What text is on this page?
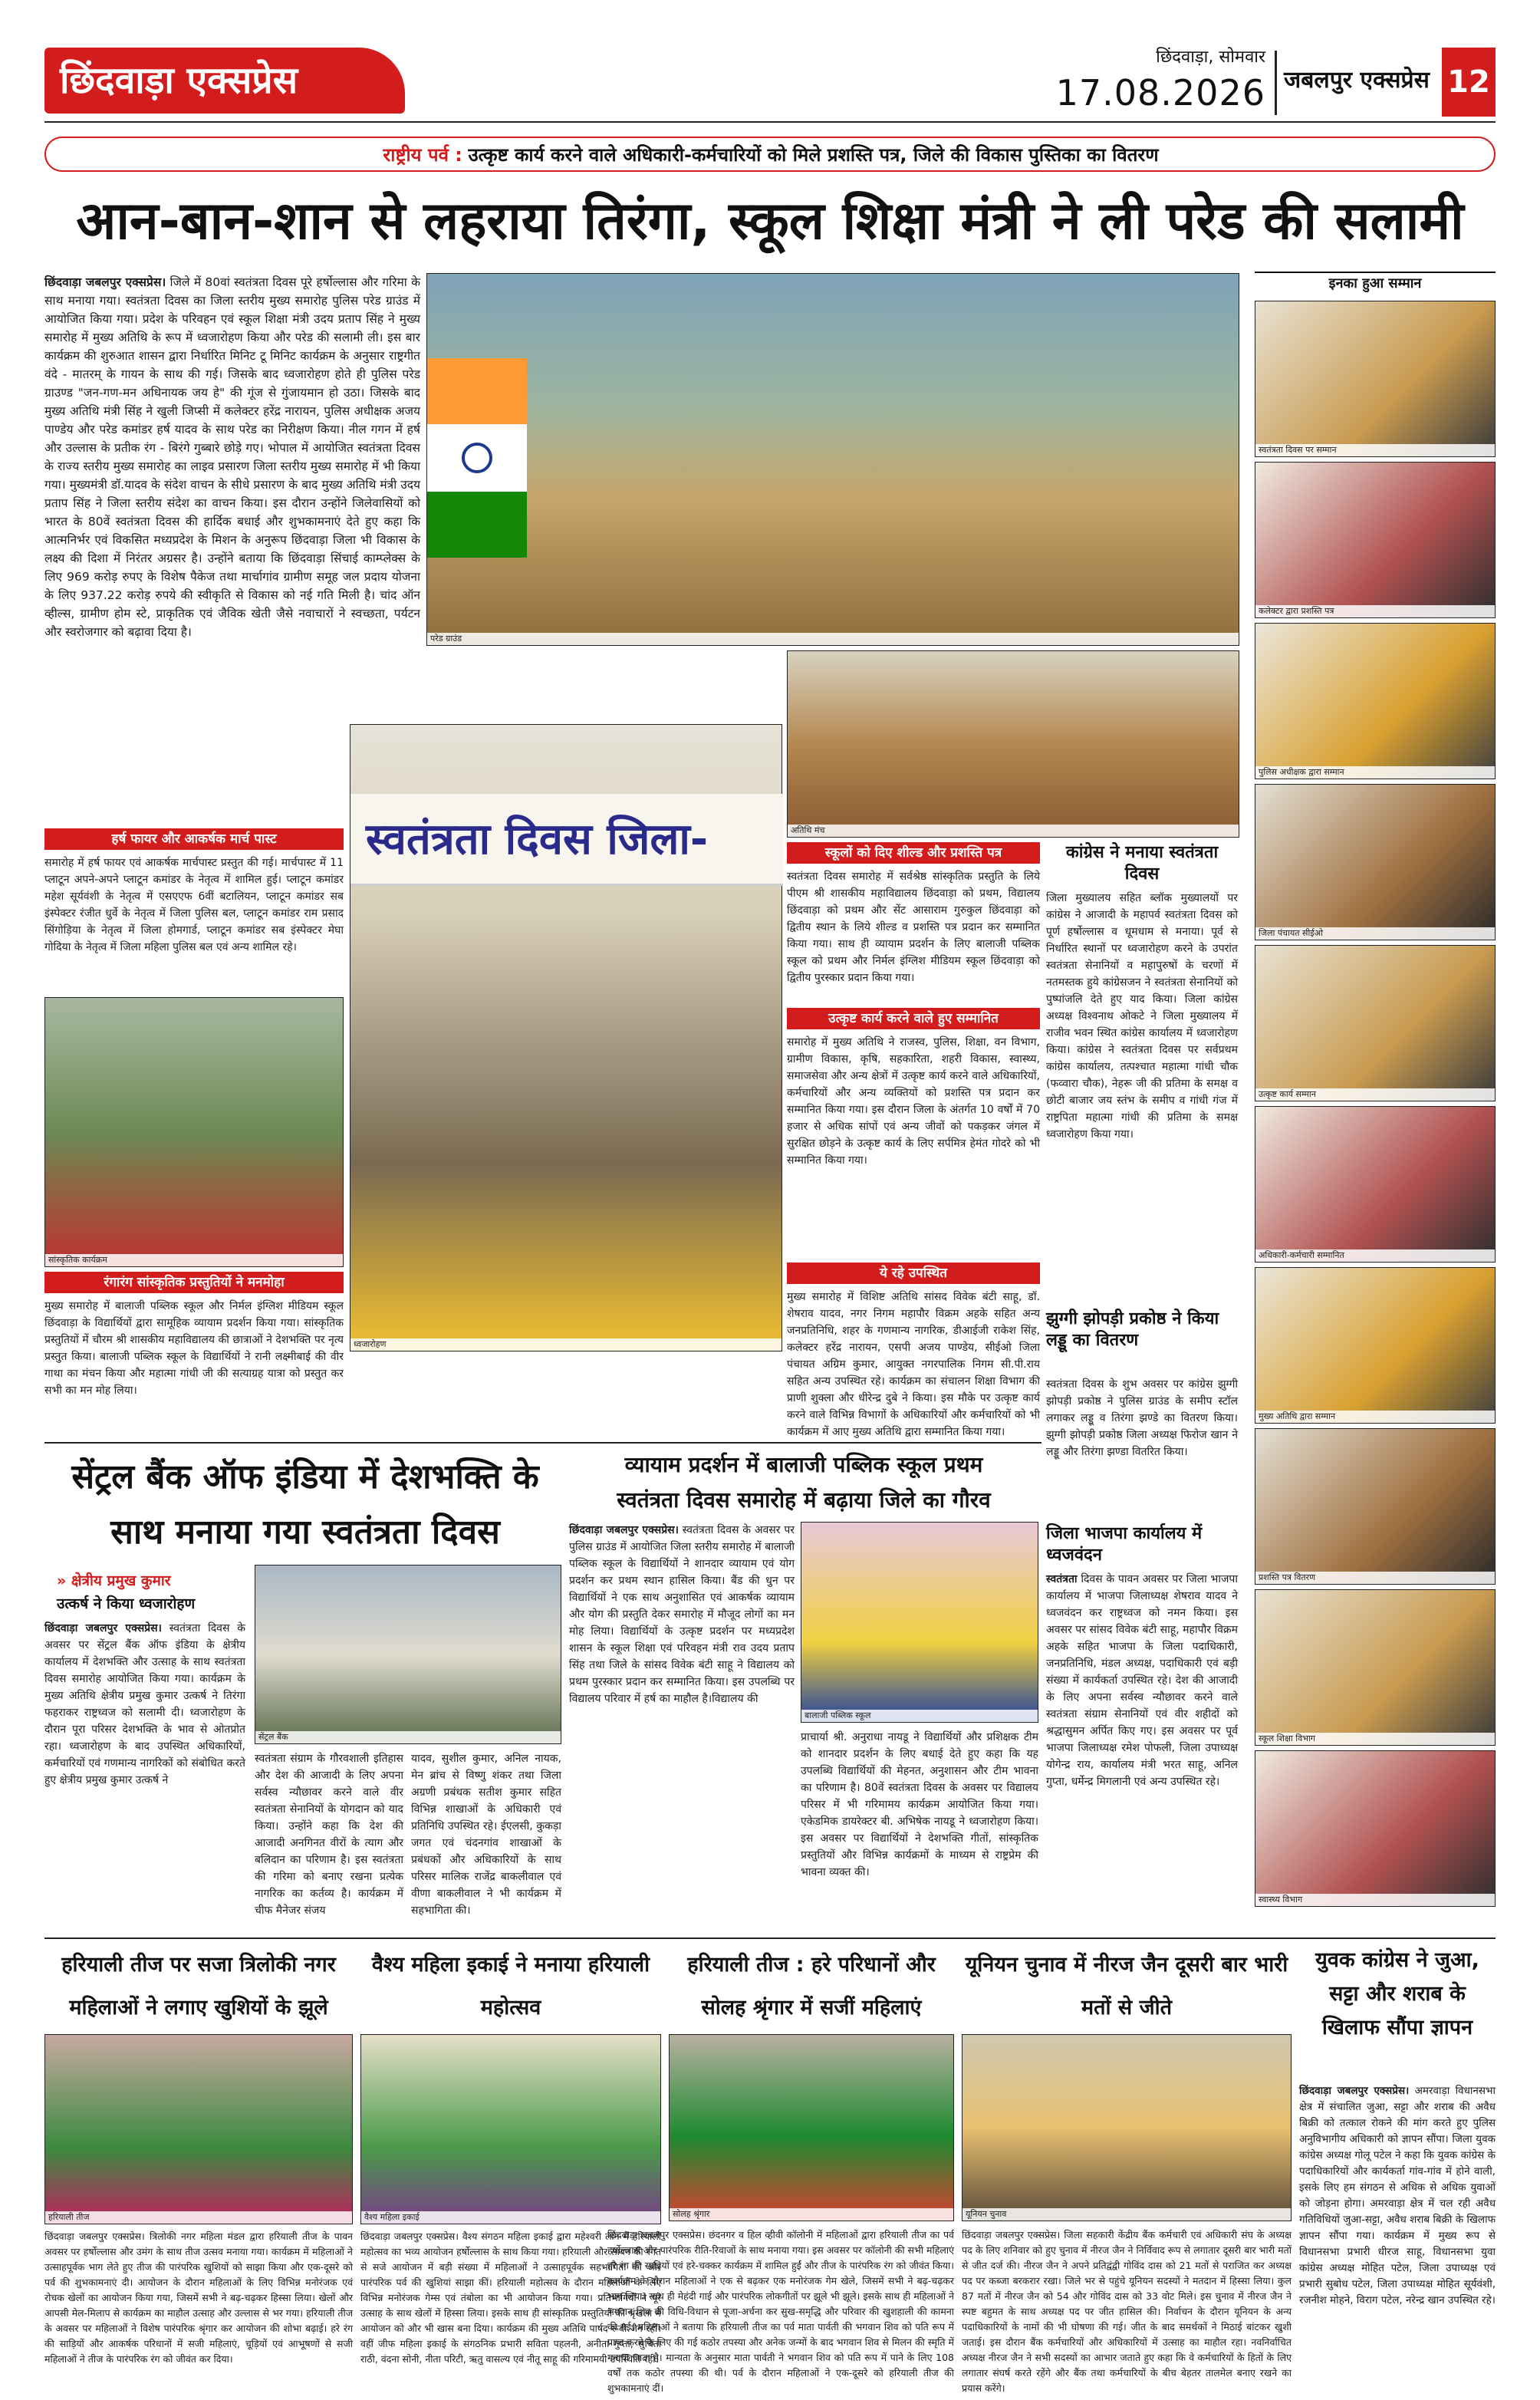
छिंदवाड़ा एक्सप्रेस
छिंदवाड़ा, सोमवार
17.08.2026 जबलपुर एक्सप्रेस 12
राष्ट्रीय पर्व : उत्कृष्ट कार्य करने वाले अधिकारी-कर्मचारियों को मिले प्रशस्ति पत्र, जिले की विकास पुस्तिका का वितरण
आन-बान-शान से लहराया तिरंगा, स्कूल शिक्षा मंत्री ने ली परेड की सलामी
छिंदवाड़ा जबलपुर एक्सप्रेस। जिले में 80वां स्वतंत्रता दिवस पूरे हर्षोल्लास और गरिमा के साथ मनाया गया। स्वतंत्रता दिवस का जिला स्तरीय मुख्य समारोह पुलिस परेड ग्राउंड में आयोजित किया गया। प्रदेश के परिवहन एवं स्कूल शिक्षा मंत्री उदय प्रताप सिंह ने मुख्य समारोह में मुख्य अतिथि के रूप में ध्वजारोहण किया और परेड की सलामी ली। इस बार कार्यक्रम की शुरुआत शासन द्वारा निर्धारित मिनिट टू मिनिट कार्यक्रम के अनुसार राष्ट्रगीत वंदे - मातरम् के गायन के साथ की गई। जिसके बाद ध्वजारोहण होते ही पुलिस परेड ग्राउण्ड "जन-गण-मन अधिनायक जय हे" की गूंज से गुंजायमान हो उठा। जिसके बाद मुख्य अतिथि मंत्री सिंह ने खुली जिप्सी में कलेक्टर हरेंद्र नारायन, पुलिस अधीक्षक अजय पाण्डेय और परेड कमांडर हर्ष यादव के साथ परेड का निरीक्षण किया। नील गगन में हर्ष और उल्लास के प्रतीक रंग - बिरंगे गुब्बारे छोड़े गए। भोपाल में आयोजित स्वतंत्रता दिवस के राज्य स्तरीय मुख्य समारोह का लाइव प्रसारण जिला स्तरीय मुख्य समारोह में भी किया गया। मुख्यमंत्री डॉ.यादव के संदेश वाचन के सीधे प्रसारण के बाद मुख्य अतिथि मंत्री उदय प्रताप सिंह ने जिला स्तरीय संदेश का वाचन किया। इस दौरान उन्होंने जिलेवासियों को भारत के 80वें स्वतंत्रता दिवस की हार्दिक बधाई और शुभकामनाएं देते हुए कहा कि आत्मनिर्भर एवं विकसित मध्यप्रदेश के मिशन के अनुरूप छिंदवाड़ा जिला भी विकास के लक्ष्य की दिशा में निरंतर अग्रसर है। उन्होंने बताया कि छिंदवाड़ा सिंचाई काम्प्लेक्स के लिए 969 करोड़ रुपए के विशेष पैकेज तथा मार्चागांव ग्रामीण समूह जल प्रदाय योजना के लिए 937.22 करोड़ रुपये की स्वीकृति से विकास को नई गति मिली है। चांद ऑन व्हील्स, ग्रामीण होम स्टे, प्राकृतिक एवं जैविक खेती जैसे नवाचारों ने स्वच्छता, पर्यटन और स्वरोजगार को बढ़ावा दिया है।	परेड ग्राउंड
अतिथि मंच
स्वतंत्रता दिवस जिला-
ध्वजारोहण
हर्ष फायर और आकर्षक मार्च पास्ट
समारोह में हर्ष फायर एवं आकर्षक मार्चपास्ट प्रस्तुत की गई। मार्चपास्ट में 11 प्लाटून अपने-अपने प्लाटून कमांडर के नेतृत्व में शामिल हुई। प्लाटून कमांडर महेश सूर्यवंशी के नेतृत्व में एसएएफ 6वीं बटालियन, प्लाटून कमांडर सब इंस्पेक्टर रंजीत धुर्वे के नेतृत्व में जिला पुलिस बल, प्लाटून कमांडर राम प्रसाद सिंगोड़िया के नेतृत्व में जिला होमगार्ड, प्लाटून कमांडर सब इंस्पेक्टर मेघा गोदिया के नेतृत्व में जिला महिला पुलिस बल एवं अन्य शामिल रहे।
सांस्कृतिक कार्यक्रम
रंगारंग सांस्कृतिक प्रस्तुतियों ने मनमोहा
मुख्य समारोह में बालाजी पब्लिक स्कूल और निर्मल इंग्लिश मीडियम स्कूल छिंदवाड़ा के विद्यार्थियों द्वारा सामूहिक व्यायाम प्रदर्शन किया गया। सांस्कृतिक प्रस्तुतियों में चौरम श्री शासकीय महाविद्यालय की छात्राओं ने देशभक्ति पर नृत्य प्रस्तुत किया। बालाजी पब्लिक स्कूल के विद्यार्थियों ने रानी लक्ष्मीबाई की वीर गाथा का मंचन किया और महात्मा गांधी जी की सत्याग्रह यात्रा को प्रस्तुत कर सभी का मन मोह लिया।
स्कूलों को दिए शील्ड और प्रशस्ति पत्र
स्वतंत्रता दिवस समारोह में सर्वश्रेष्ठ सांस्कृतिक प्रस्तुति के लिये पीएम श्री शासकीय महाविद्यालय छिंदवाड़ा को प्रथम, विद्यालय छिंदवाड़ा को प्रथम और सेंट आसाराम गुरुकुल छिंदवाड़ा को द्वितीय स्थान के लिये शील्ड व प्रशस्ति पत्र प्रदान कर सम्मानित किया गया। साथ ही व्यायाम प्रदर्शन के लिए बालाजी पब्लिक स्कूल को प्रथम और निर्मल इंग्लिश मीडियम स्कूल छिंदवाड़ा को द्वितीय पुरस्कार प्रदान किया गया।
उत्कृष्ट कार्य करने वाले हुए सम्मानित
समारोह में मुख्य अतिथि ने राजस्व, पुलिस, शिक्षा, वन विभाग, ग्रामीण विकास, कृषि, सहकारिता, शहरी विकास, स्वास्थ्य, समाजसेवा और अन्य क्षेत्रों में उत्कृष्ट कार्य करने वाले अधिकारियों, कर्मचारियों और अन्य व्यक्तियों को प्रशस्ति पत्र प्रदान कर सम्मानित किया गया। इस दौरान जिला के अंतर्गत 10 वर्षों में 70 हजार से अधिक सांपों एवं अन्य जीवों को पकड़कर जंगल में सुरक्षित छोड़ने के उत्कृष्ट कार्य के लिए सर्पमित्र हेमंत गोदरे को भी सम्मानित किया गया।
ये रहे उपस्थित
मुख्य समारोह में विशिष्ट अतिथि सांसद विवेक बंटी साहू, डॉ. शेषराव यादव, नगर निगम महापौर विक्रम अहके सहित अन्य जनप्रतिनिधि, शहर के गणमान्य नागरिक, डीआईजी राकेश सिंह, कलेक्टर हरेंद्र नारायन, एसपी अजय पाण्डेय, सीईओ जिला पंचायत अग्रिम कुमार, आयुक्त नगरपालिक निगम सी.पी.राय सहित अन्य उपस्थित रहे। कार्यक्रम का संचालन शिक्षा विभाग की प्राणी शुक्ला और धीरेन्द्र दुबे ने किया। इस मौके पर उत्कृष्ट कार्य करने वाले विभिन्न विभागों के अधिकारियों और कर्मचारियों को भी कार्यक्रम में आए मुख्य अतिथि द्वारा सम्मानित किया गया।
कांग्रेस ने मनाया स्वतंत्रता दिवस
जिला मुख्यालय सहित ब्लॉक मुख्यालयों पर कांग्रेस ने आजादी के महापर्व स्वतंत्रता दिवस को पूर्ण हर्षोल्लास व धूमधाम से मनाया। पूर्व से निर्धारित स्थानों पर ध्वजारोहण करने के उपरांत स्वतंत्रता सेनानियों व महापुरुषों के चरणों में नतमस्तक हुये कांग्रेसजन ने स्वतंत्रता सेनानियों को पुष्पांजलि देते हुए याद किया। जिला कांग्रेस अध्यक्ष विश्वनाथ ओकटे ने जिला मुख्यालय में राजीव भवन स्थित कांग्रेस कार्यालय में ध्वजारोहण किया। कांग्रेस ने स्वतंत्रता दिवस पर सर्वप्रथम कांग्रेस कार्यालय, तत्पश्चात महात्मा गांधी चौक (फव्वारा चौक), नेहरू जी की प्रतिमा के समक्ष व छोटी बाजार जय स्तंभ के समीप व गांधी गंज में राष्ट्रपिता महात्मा गांधी की प्रतिमा के समक्ष ध्वजारोहण किया गया।
झुग्गी झोपड़ी प्रकोष्ठ ने किया लड्डू का वितरण
स्वतंत्रता दिवस के शुभ अवसर पर कांग्रेस झुग्गी झोपड़ी प्रकोष्ठ ने पुलिस ग्राउंड के समीप स्टॉल लगाकर लड्डू व तिरंगा झण्डे का वितरण किया। झुग्गी झोपड़ी प्रकोष्ठ जिला अध्यक्ष फिरोज खान ने लड्डू और तिरंगा झण्डा वितरित किया।
जिला भाजपा कार्यालय में ध्वजवंदन
स्वतंत्रता दिवस के पावन अवसर पर जिला भाजपा कार्यालय में भाजपा जिलाध्यक्ष शेषराव यादव ने ध्वजवंदन कर राष्ट्रध्वज को नमन किया। इस अवसर पर सांसद विवेक बंटी साहू, महापौर विक्रम अहके सहित भाजपा के जिला पदाधिकारी, जनप्रतिनिधि, मंडल अध्यक्ष, पदाधिकारी एवं बड़ी संख्या में कार्यकर्ता उपस्थित रहे। देश की आजादी के लिए अपना सर्वस्व न्यौछावर करने वाले स्वतंत्रता संग्राम सेनानियों एवं वीर शहीदों को श्रद्धासुमन अर्पित किए गए। इस अवसर पर पूर्व भाजपा जिलाध्यक्ष रमेश पोफली, जिला उपाध्यक्ष योगेन्द्र राय, कार्यालय मंत्री भरत साहू, अनिल गुप्ता, धर्मेन्द्र मिगलानी एवं अन्य उपस्थित रहे।
इनका हुआ सम्मान
स्वतंत्रता दिवस पर सम्मान
कलेक्टर द्वारा प्रशस्ति पत्र
पुलिस अधीक्षक द्वारा सम्मान
जिला पंचायत सीईओ
उत्कृष्ट कार्य सम्मान
अधिकारी-कर्मचारी सम्मानित
मुख्य अतिथि द्वारा सम्मान
प्रशस्ति पत्र वितरण
स्कूल शिक्षा विभाग
स्वास्थ्य विभाग
सेंट्रल बैंक ऑफ इंडिया में देशभक्ति के साथ मनाया गया स्वतंत्रता दिवस
» क्षेत्रीय प्रमुख कुमार
उत्कर्ष ने किया ध्वजारोहण
सेंट्रल बैंक
छिंदवाड़ा जबलपुर एक्सप्रेस। स्वतंत्रता दिवस के अवसर पर सेंट्रल बैंक ऑफ इंडिया के क्षेत्रीय कार्यालय में देशभक्ति और उत्साह के साथ स्वतंत्रता दिवस समारोह आयोजित किया गया। कार्यक्रम के मुख्य अतिथि क्षेत्रीय प्रमुख कुमार उत्कर्ष ने तिरंगा फहराकर राष्ट्रध्वज को सलामी दी। ध्वजारोहण के दौरान पूरा परिसर देशभक्ति के भाव से ओतप्रोत रहा। ध्वजारोहण के बाद उपस्थित अधिकारियों, कर्मचारियों एवं गणमान्य नागरिकों को संबोधित करते हुए क्षेत्रीय प्रमुख कुमार उत्कर्ष ने
स्वतंत्रता संग्राम के गौरवशाली इतिहास और देश की आजादी के लिए अपना सर्वस्व न्यौछावर करने वाले वीर स्वतंत्रता सेनानियों के योगदान को याद किया। उन्होंने कहा कि देश की आजादी अनगिनत वीरों के त्याग और बलिदान का परिणाम है। इस स्वतंत्रता की गरिमा को बनाए रखना प्रत्येक नागरिक का कर्तव्य है। कार्यक्रम में चीफ मैनेजर संजय
यादव, सुशील कुमार, अनिल नायक, मेन ब्रांच से विष्णु शंकर तथा जिला अग्रणी प्रबंधक सतीश कुमार सहित विभिन्न शाखाओं के अधिकारी एवं प्रतिनिधि उपस्थित रहे। ईएलसी, कुकड़ा जगत एवं चंदनगांव शाखाओं के प्रबंधकों और अधिकारियों के साथ परिसर मालिक राजेंद्र बाकलीवाल एवं वीणा बाकलीवाल ने भी कार्यक्रम में सहभागिता की।
व्यायाम प्रदर्शन में बालाजी पब्लिक स्कूल प्रथम
स्वतंत्रता दिवस समारोह में बढ़ाया जिले का गौरव
छिंदवाड़ा जबलपुर एक्सप्रेस। स्वतंत्रता दिवस के अवसर पर पुलिस ग्राउंड में आयोजित जिला स्तरीय समारोह में बालाजी पब्लिक स्कूल के विद्यार्थियों ने शानदार व्यायाम एवं योग प्रदर्शन कर प्रथम स्थान हासिल किया। बैंड की धुन पर विद्यार्थियों ने एक साथ अनुशासित एवं आकर्षक व्यायाम और योग की प्रस्तुति देकर समारोह में मौजूद लोगों का मन मोह लिया। विद्यार्थियों के उत्कृष्ट प्रदर्शन पर मध्यप्रदेश शासन के स्कूल शिक्षा एवं परिवहन मंत्री राव उदय प्रताप सिंह तथा जिले के सांसद विवेक बंटी साहू ने विद्यालय को प्रथम पुरस्कार प्रदान कर सम्मानित किया। इस उपलब्धि पर विद्यालय परिवार में हर्ष का माहौल है।विद्यालय की
बालाजी पब्लिक स्कूल
प्राचार्या श्री. अनुराधा नायडू ने विद्यार्थियों और प्रशिक्षक टीम को शानदार प्रदर्शन के लिए बधाई देते हुए कहा कि यह उपलब्धि विद्यार्थियों की मेहनत, अनुशासन और टीम भावना का परिणाम है। 80वें स्वतंत्रता दिवस के अवसर पर विद्यालय परिसर में भी गरिमामय कार्यक्रम आयोजित किया गया। एकेडमिक डायरेक्टर बी. अभिषेक नायडू ने ध्वजारोहण किया। इस अवसर पर विद्यार्थियों ने देशभक्ति गीतों, सांस्कृतिक प्रस्तुतियों और विभिन्न कार्यक्रमों के माध्यम से राष्ट्रप्रेम की भावना व्यक्त की।
हरियाली तीज पर सजा त्रिलोकी नगर महिलाओं ने लगाए खुशियों के झूले
हरियाली तीज
छिंदवाड़ा जबलपुर एक्सप्रेस। त्रिलोकी नगर महिला मंडल द्वारा हरियाली तीज के पावन अवसर पर हर्षोल्लास और उमंग के साथ तीज उत्सव मनाया गया। कार्यक्रम में महिलाओं ने उत्साहपूर्वक भाग लेते हुए तीज की पारंपरिक खुशियों को साझा किया और एक-दूसरे को पर्व की शुभकामनाएं दी। आयोजन के दौरान महिलाओं के लिए विभिन्न मनोरंजक एवं रोचक खेलों का आयोजन किया गया, जिसमें सभी ने बढ़-चढ़कर हिस्सा लिया। खेलों और आपसी मेल-मिलाप से कार्यक्रम का माहौल उत्साह और उल्लास से भर गया। हरियाली तीज के अवसर पर महिलाओं ने विशेष पारंपरिक श्रृंगार कर आयोजन की शोभा बढ़ाई। हरे रंग की साड़ियों और आकर्षक परिधानों में सजी महिलाएं, चूड़ियों एवं आभूषणों से सजी महिलाओं ने तीज के पारंपरिक रंग को जीवंत कर दिया।
वैश्य महिला इकाई ने मनाया हरियाली महोत्सव
वैश्य महिला इकाई
छिंदवाड़ा जबलपुर एक्सप्रेस। वैश्य संगठन महिला इकाई द्वारा महेश्वरी लॉन में हरियाली महोत्सव का भव्य आयोजन हर्षोल्लास के साथ किया गया। हरियाली और सावन की रंगत से सजे आयोजन में बड़ी संख्या में महिलाओं ने उत्साहपूर्वक सहभागिता की और पारंपरिक पर्व की खुशियां साझा कीं। हरियाली महोत्सव के दौरान महिलाओं के लिए विभिन्न मनोरंजक गेम्स एवं तंबोला का भी आयोजन किया गया। प्रतिभागियों ने पूरे उत्साह के साथ खेलों में हिस्सा लिया। इसके साथ ही सांस्कृतिक प्रस्तुतियों की श्रृंखला में आयोजन को और भी खास बना दिया। कार्यक्रम की मुख्य अतिथि पार्षद रूबी जैन रहीं। वहीं जीफ महिला इकाई के संगठनिक प्रभारी सविता पहलनी, अनीता गुप्ता, सुचिता राठी, वंदना सोनी, नीता परिटी, ऋतु वासल्य एवं नीतू साहू की गरिमामयी उपस्थिति रही।
हरियाली तीज : हरे परिधानों और सोलह श्रृंगार में सजीं महिलाएं
सोलह श्रृंगार
छिंदवाड़ा जबलपुर एक्सप्रेस। छंदनगर व हिल व्हीवी कॉलोनी में महिलाओं द्वारा हरियाली तीज का पर्व हर्षोल्लास और पारंपरिक रीति-रिवाजों के साथ मनाया गया। इस अवसर पर कॉलोनी की सभी महिलाएं हरे रंग की साड़ियों एवं हरे-चक्कर कार्यक्रम में शामिल हुईं और तीज के पारंपरिक रंग को जीवंत किया। कार्यक्रम के दौरान महिलाओं ने एक से बढ़कर एक मनोरंजक गेम खेले, जिसमें सभी ने बढ़-चढ़कर भाग लिया। साथ ही मेहंदी गाई और पारंपरिक लोकगीतों पर झूले भी झूले। इसके साथ ही महिलाओं ने भगवान शिव की विधि-विधान से पूजा-अर्चना कर सुख-समृद्धि और परिवार की खुशहाली की कामना की गई। महिलाओं ने बताया कि हरियाली तीज का पर्व माता पार्वती की भगवान शिव को पति रूप में प्राप्त करने के लिए की गई कठोर तपस्या और अनेक जन्मों के बाद भगवान शिव से मिलन की स्मृति में मनाया जाता है। मान्यता के अनुसार माता पार्वती ने भगवान शिव को पति रूप में पाने के लिए 108 वर्षों तक कठोर तपस्या की थी। पर्व के दौरान महिलाओं ने एक-दूसरे को हरियाली तीज की शुभकामनाएं दीं।
यूनियन चुनाव में नीरज जैन दूसरी बार भारी मतों से जीते
यूनियन चुनाव
छिंदवाड़ा जबलपुर एक्सप्रेस। जिला सहकारी केंद्रीय बैंक कर्मचारी एवं अधिकारी संघ के अध्यक्ष पद के लिए शनिवार को हुए चुनाव में नीरज जैन ने निर्विवाद रूप से लगातार दूसरी बार भारी मतों से जीत दर्ज की। नीरज जैन ने अपने प्रतिद्वंद्वी गोविंद दास को 21 मतों से पराजित कर अध्यक्ष पद पर कब्जा बरकरार रखा। जिले भर से पहुंचे यूनियन सदस्यों ने मतदान में हिस्सा लिया। कुल 87 मतों में नीरज जैन को 54 और गोविंद दास को 33 वोट मिले। इस चुनाव में नीरज जैन ने स्पष्ट बहुमत के साथ अध्यक्ष पद पर जीत हासिल की। निर्वाचन के दौरान यूनियन के अन्य पदाधिकारियों के नामों की भी घोषणा की गई। जीत के बाद समर्थकों ने मिठाई बांटकर खुशी जताई। इस दौरान बैंक कर्मचारियों और अधिकारियों में उत्साह का माहौल रहा। नवनिर्वाचित अध्यक्ष नीरज जैन ने सभी सदस्यों का आभार जताते हुए कहा कि वे कर्मचारियों के हितों के लिए लगातार संघर्ष करते रहेंगे और बैंक तथा कर्मचारियों के बीच बेहतर तालमेल बनाए रखने का प्रयास करेंगे।
युवक कांग्रेस ने जुआ, सट्टा और शराब के खिलाफ सौंपा ज्ञापन
छिंदवाड़ा जबलपुर एक्सप्रेस। अमरवाड़ा विधानसभा क्षेत्र में संचालित जुआ, सट्टा और शराब की अवैध बिक्री को तत्काल रोकने की मांग करते हुए पुलिस अनुविभागीय अधिकारी को ज्ञापन सौंपा। जिला युवक कांग्रेस अध्यक्ष गोलू पटेल ने कहा कि युवक कांग्रेस के पदाधिकारियों और कार्यकर्ता गांव-गांव में होने वाली, इसके लिए हम संगठन से अधिक से अधिक युवाओं को जोड़ना होगा। अमरवाड़ा क्षेत्र में चल रही अवैध गतिविधियों जुआ-सट्टा, अवैध शराब बिक्री के खिलाफ ज्ञापन सौंपा गया। कार्यक्रम में मुख्य रूप से विधानसभा प्रभारी धीरज साहू, विधानसभा युवा कांग्रेस अध्यक्ष मोहित पटेल, जिला उपाध्यक्ष एवं प्रभारी सुबोध पटेल, जिला उपाध्यक्ष मोहित सूर्यवंशी, रजनीश मोहने, विराग पटेल, नरेन्द्र खान उपस्थित रहे।
